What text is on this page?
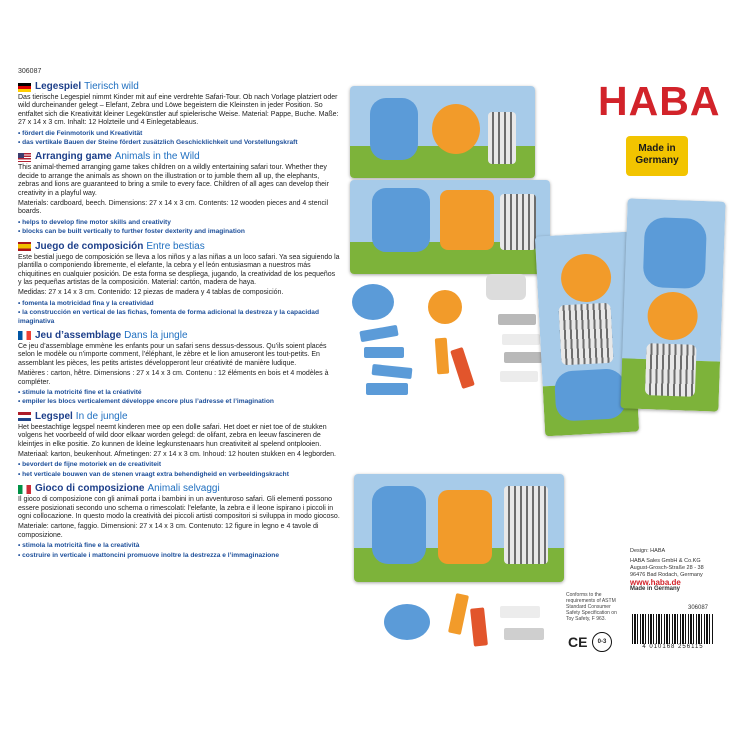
306087
Legespiel Tierisch wild
Das tierische Legespiel nimmt Kinder mit auf eine verdrehte Safari-Tour. Ob nach Vorlage platziert oder wild durcheinander gelegt – Elefant, Zebra und Löwe begeistern die Kleinsten in jeder Position. So entfaltet sich die Kreativität kleiner Legekünstler auf spielerische Weise. Material: Pappe, Buche. Maße: 27 x 14 x 3 cm. Inhalt: 12 Holzteile und 4 Einlegetableaus.
• fördert die Feinmotorik und Kreativität
• das vertikale Bauen der Steine fördert zusätzlich Geschicklichkeit und Vorstellungskraft
Arranging game Animals in the Wild
This animal-themed arranging game takes children on a wildly entertaining safari tour. Whether they decide to arrange the animals as shown on the illustration or to jumble them all up, the elephants, zebras and lions are guaranteed to bring a smile to every face. Children of all ages can develop their creativity in a playful way.
Materials: cardboard, beech. Dimensions: 27 x 14 x 3 cm. Contents: 12 wooden pieces and 4 stencil boards.
• helps to develop fine motor skills and creativity
• blocks can be built vertically to further foster dexterity and imagination
Juego de composición Entre bestias
Este bestial juego de composición se lleva a los niños y a las niñas a un loco safari. Ya sea siguiendo la plantilla o componiendo libremente, el elefante, la cebra y el león entusiasman a nuestros más chiquitines en cualquier posición. De esta forma se despliega, jugando, la creatividad de los pequeños y las pequeñas artistas de la composición. Material: cartón, madera de haya.
Medidas: 27 x 14 x 3 cm. Contenido: 12 piezas de madera y 4 tablas de composición.
• fomenta la motricidad fina y la creatividad
• la construcción en vertical de las fichas, fomenta de forma adicional la destreza y la capacidad imaginativa
Jeu d’assemblage Dans la jungle
Ce jeu d’assemblage emmène les enfants pour un safari sens dessus-dessous. Qu’ils soient placés selon le modèle ou n’importe comment, l’éléphant, le zèbre et le lion amuseront les tout-petits. En assemblant les pièces, les petits artistes développeront leur créativité de manière ludique.
Matières : carton, hêtre. Dimensions : 27 x 14 x 3 cm. Contenu : 12 éléments en bois et 4 modèles à compléter.
• stimule la motricité fine et la créativité
• empiler les blocs verticalement développe encore plus l’adresse et l’imagination
Legspel In de jungle
Het beestachtige legspel neemt kinderen mee op een dolle safari. Het doet er niet toe of de stukken volgens het voorbeeld of wild door elkaar worden gelegd: de olifant, zebra en leeuw fascineren de kleintjes in elke positie. Zo kunnen de kleine legkunstenaars hun creativiteit al spelend ontplooien.
Materiaal: karton, beukenhout. Afmetingen: 27 x 14 x 3 cm. Inhoud: 12 houten stukken en 4 legborden.
• bevordert de fijne motoriek en de creativiteit
• het verticale bouwen van de stenen vraagt extra behendigheid en verbeeldingskracht
Gioco di composizione Animali selvaggi
Il gioco di composizione con gli animali porta i bambini in un avventuroso safari. Gli elementi possono essere posizionati secondo uno schema o rimescolati: l’elefante, la zebra e il leone ispirano i piccoli in ogni collocazione. In questo modo la creatività dei piccoli artisti compositori si sviluppa in modo giocoso.
Materiale: cartone, faggio. Dimensioni: 27 x 14 x 3 cm. Contenuto: 12 figure in legno e 4 tavole di composizione.
• stimola la motricità fine e la creatività
• costruire in verticale i mattoncini promuove inoltre la destrezza e l’immaginazione
HABA
Made in Germany
Conforms to the requirements of ASTM Standard Consumer Safety Specification on Toy Safety, F 963.
CE	0-3
Design: HABA
HABA Sales GmbH & Co.KG
August-Grosch-Straße 28 - 38
96476 Bad Rodach, Germany
www.haba.de
Made in Germany
306087
4 010168 256115
